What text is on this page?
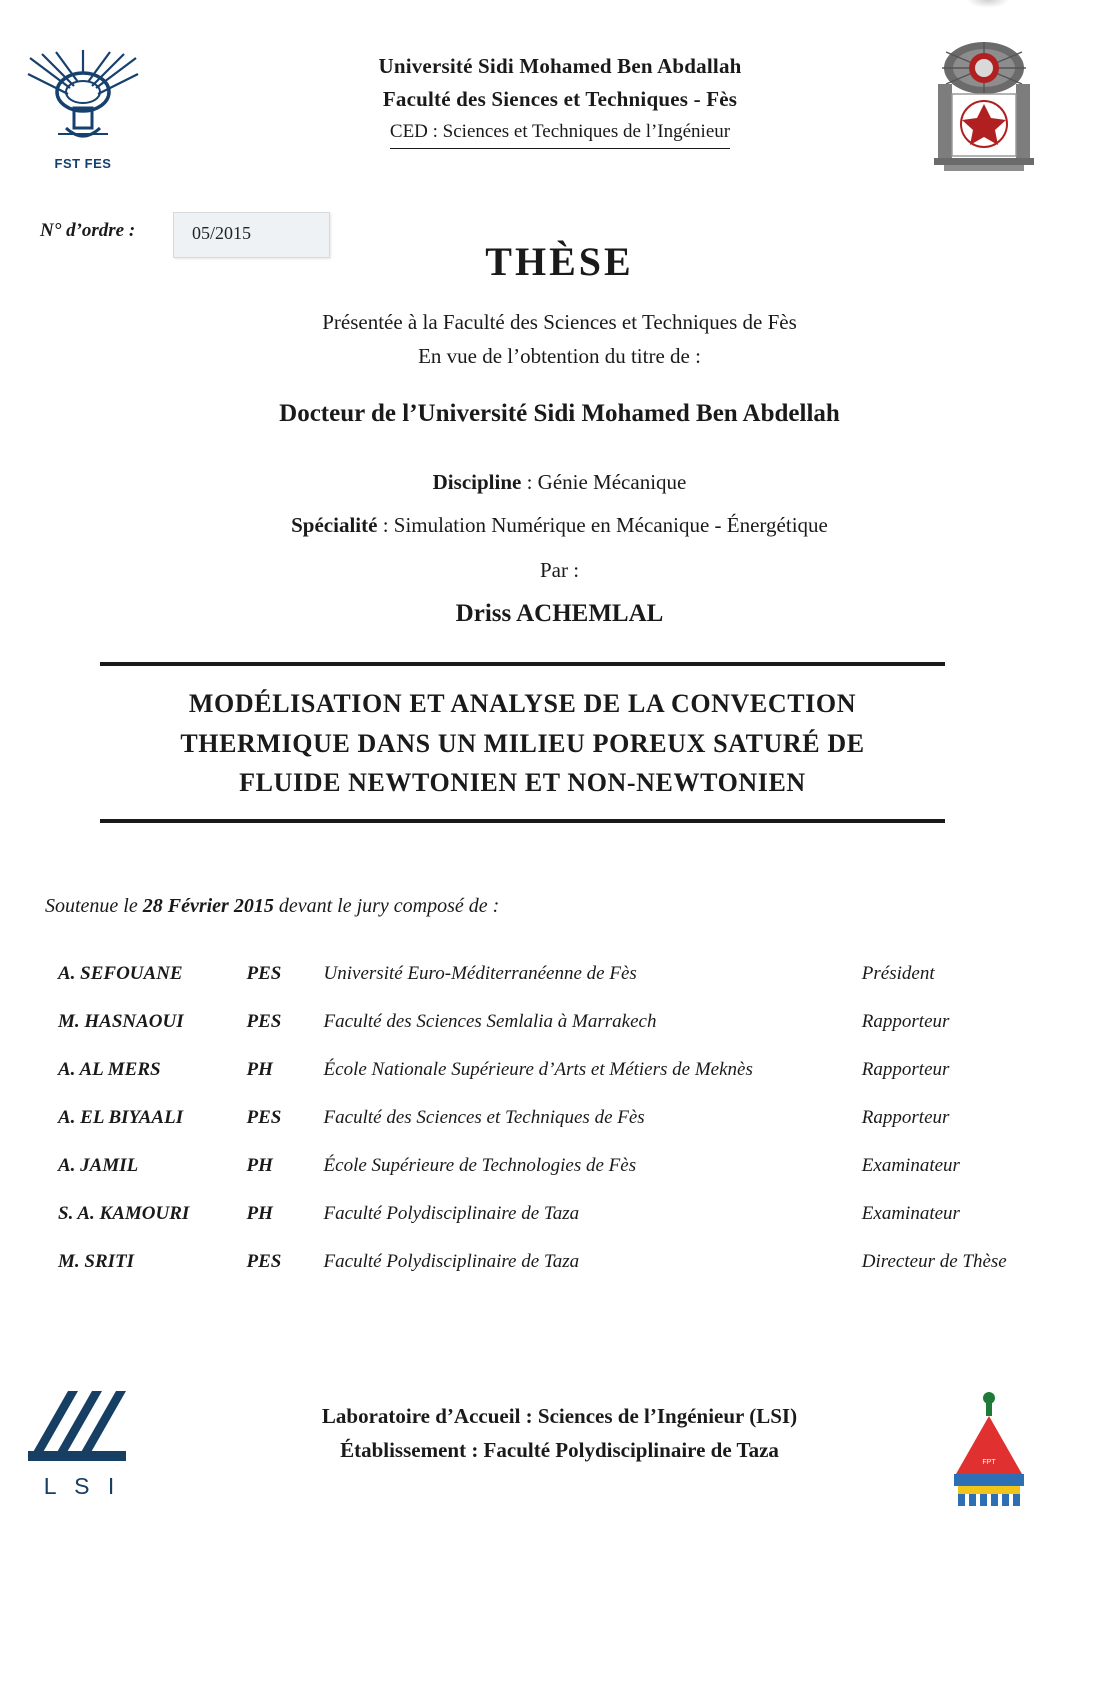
FST FES
Université Sidi Mohamed Ben Abdallah
Faculté des Siences et Techniques - Fès
CED : Sciences et Techniques de l’Ingénieur
N° d’ordre :	05/2015
THÈSE
Présentée à la Faculté des Sciences et Techniques de Fès
En vue de l’obtention du titre de :
Docteur de l’Université Sidi Mohamed Ben Abdellah
Discipline : Génie Mécanique
Spécialité : Simulation Numérique en Mécanique - Énergétique
Par :
Driss ACHEMLAL
MODÉLISATION ET ANALYSE DE LA CONVECTION
THERMIQUE DANS UN MILIEU POREUX SATURÉ DE
FLUIDE NEWTONIEN ET NON-NEWTONIEN
Soutenue le 28 Février 2015 devant le jury composé de :
A. SEFOUANE	PES	Université Euro-Méditerranéenne de Fès	Président
M. HASNAOUI	PES	Faculté des Sciences Semlalia à Marrakech	Rapporteur
A. AL MERS	PH	École Nationale Supérieure d’Arts et Métiers de Meknès	Rapporteur
A. EL BIYAALI	PES	Faculté des Sciences et Techniques de Fès	Rapporteur
A. JAMIL	PH	École Supérieure de Technologies de Fès	Examinateur
S. A. KAMOURI	PH	Faculté Polydisciplinaire de Taza	Examinateur
M. SRITI	PES	Faculté Polydisciplinaire de Taza	Directeur de Thèse
L S I
Laboratoire d’Accueil : Sciences de l’Ingénieur (LSI)
Établissement : Faculté Polydisciplinaire de Taza
FPT
